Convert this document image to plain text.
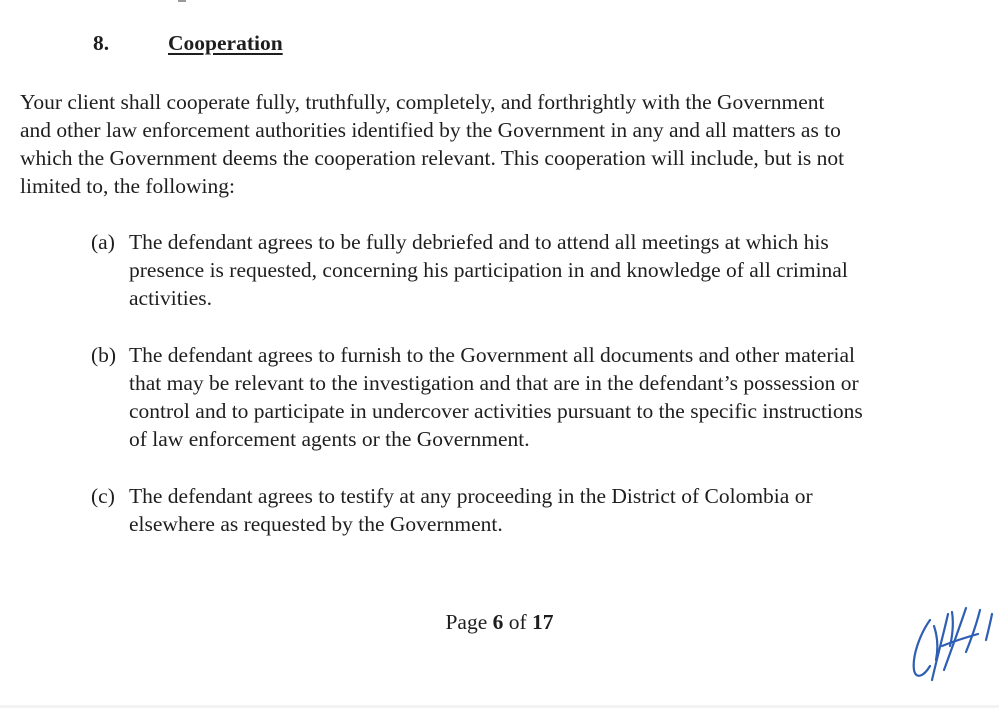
8.	Cooperation
Your client shall cooperate fully, truthfully, completely, and forthrightly with the Government
and other law enforcement authorities identified by the Government in any and all matters as to
which the Government deems the cooperation relevant. This cooperation will include, but is not
limited to, the following:
(a) The defendant agrees to be fully debriefed and to attend all meetings at which his
presence is requested, concerning his participation in and knowledge of all criminal
activities.
(b) The defendant agrees to furnish to the Government all documents and other material
that may be relevant to the investigation and that are in the defendant’s possession or
control and to participate in undercover activities pursuant to the specific instructions
of law enforcement agents or the Government.
(c) The defendant agrees to testify at any proceeding in the District of Colombia or
elsewhere as requested by the Government.
Page 6 of 17
